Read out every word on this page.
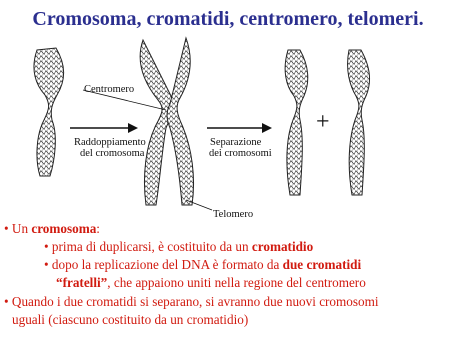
Cromosoma, cromatidi, centromero, telomeri.
Centromero
Raddoppiamento
del cromosoma
Separazione
dei cromosomi
Telomero
+
• Un cromosoma:
• prima di duplicarsi, è costituito da un cromatidio
• dopo la replicazione del DNA è formato da due cromatidi
“fratelli”, che appaiono uniti nella regione del centromero
• Quando i due cromatidi si separano, si avranno due nuovi cromosomi
uguali (ciascuno costituito da un cromatidio)
